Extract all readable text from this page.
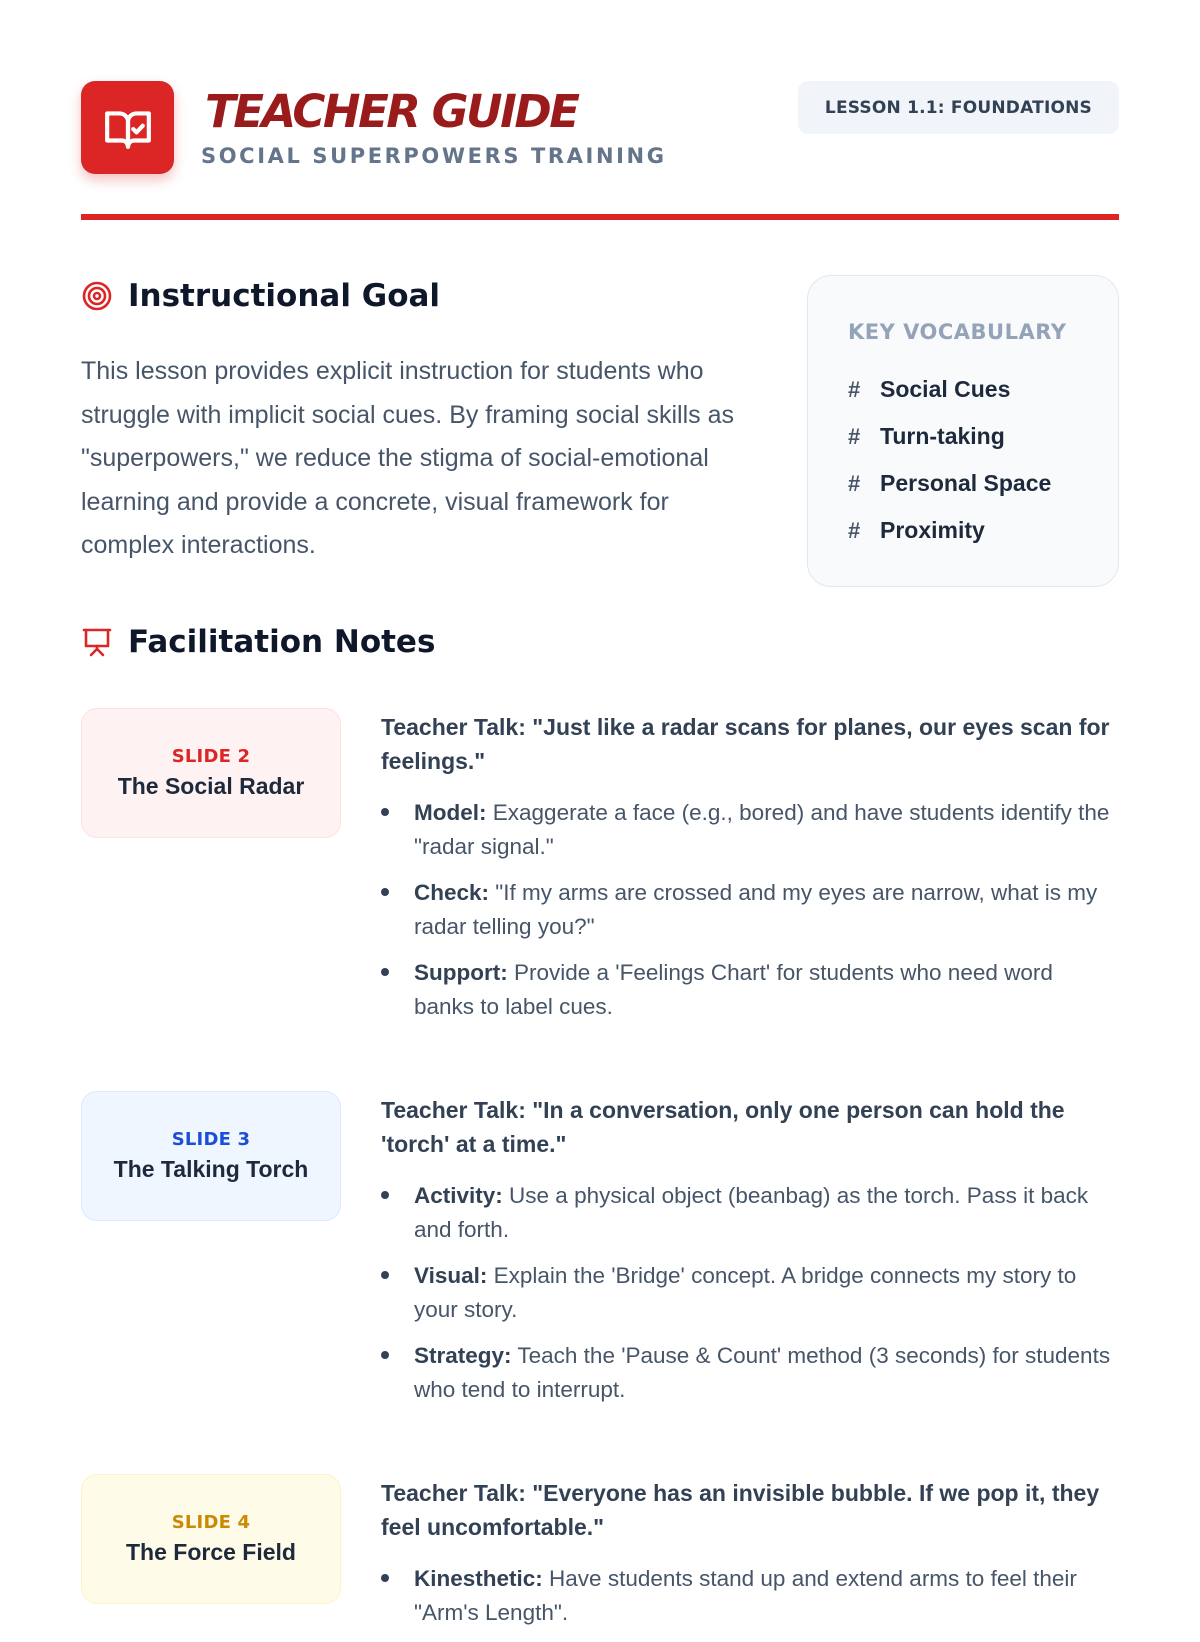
TEACHER GUIDE
SOCIAL SUPERPOWERS TRAINING
LESSON 1.1: FOUNDATIONS
Instructional Goal

This lesson provides explicit instruction for students who struggle with implicit social cues. By framing social skills as "superpowers," we reduce the stigma of social-emotional learning and provide a concrete, visual framework for complex interactions.

KEY VOCABULARY
# Social Cues
# Turn-taking
# Personal Space
# Proximity
Facilitation Notes
SLIDE 2
The Social Radar
Teacher Talk: "Just like a radar scans for planes, our eyes scan for feelings."
Model: Exaggerate a face (e.g., bored) and have students identify the "radar signal."
Check: "If my arms are crossed and my eyes are narrow, what is my radar telling you?"
Support: Provide a 'Feelings Chart' for students who need word banks to label cues.
SLIDE 3
The Talking Torch
Teacher Talk: "In a conversation, only one person can hold the 'torch' at a time."
Activity: Use a physical object (beanbag) as the torch. Pass it back and forth.
Visual: Explain the 'Bridge' concept. A bridge connects my story to your story.
Strategy: Teach the 'Pause & Count' method (3 seconds) for students who tend to interrupt.
SLIDE 4
The Force Field
Teacher Talk: "Everyone has an invisible bubble. If we pop it, they feel uncomfortable."
Kinesthetic: Have students stand up and extend arms to feel their "Arm's Length".
